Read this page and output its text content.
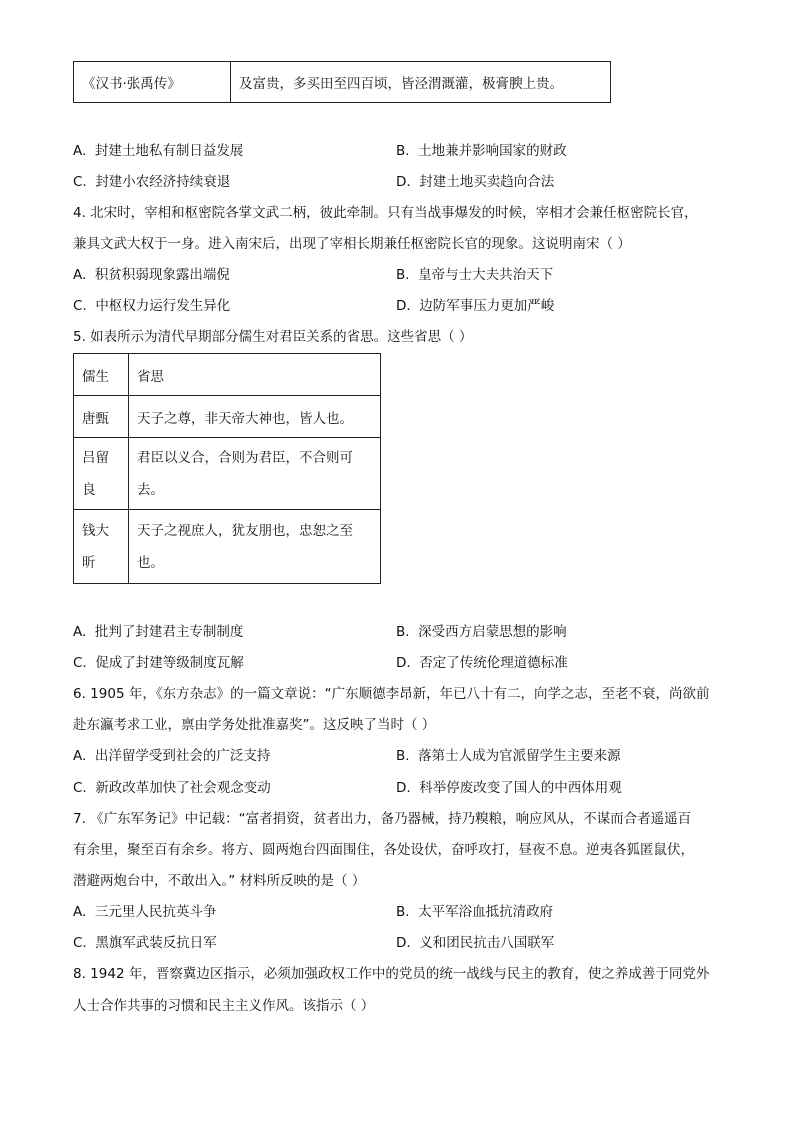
《汉书·张禹传》	及富贵，多买田至四百顷，皆泾渭溉灌，极膏腴上贵。
A. 封建土地私有制日益发展	B. 土地兼并影响国家的财政
C. 封建小农经济持续衰退	D. 封建土地买卖趋向合法
4. 北宋时，宰相和枢密院各掌文武二柄，彼此牵制。只有当战事爆发的时候，宰相才会兼任枢密院长官，
兼具文武大权于一身。进入南宋后，出现了宰相长期兼任枢密院长官的现象。这说明南宋（ ）
A. 积贫积弱现象露出端倪	B. 皇帝与士大夫共治天下
C. 中枢权力运行发生异化	D. 边防军事压力更加严峻
5. 如表所示为清代早期部分儒生对君臣关系的省思。这些省思（ ）
儒生	省思
唐甄	天子之尊，非天帝大神也，皆人也。

吕留良	君臣以义合，合则为君臣，不合则可去。

钱大昕	天子之视庶人，犹友朋也，忠恕之至也。
A. 批判了封建君主专制制度	B. 深受西方启蒙思想的影响
C. 促成了封建等级制度瓦解	D. 否定了传统伦理道德标准
6. 1905 年，《东方杂志》的一篇文章说：“广东顺德李昂新，年已八十有二，向学之志，至老不衰，尚欲前
赴东瀛考求工业，禀由学务处批准嘉奖”。这反映了当时（ ）
A. 出洋留学受到社会的广泛支持	B. 落第士人成为官派留学生主要来源
C. 新政改革加快了社会观念变动	D. 科举停废改变了国人的中西体用观
7. 《广东军务记》中记载：“富者捐资，贫者出力，备乃器械，持乃糗粮，响应风从，不谋而合者遥遥百
有余里，聚至百有余乡。将方、圆两炮台四面围住，各处设伏，奋呼攻打，昼夜不息。逆夷各狐匿鼠伏，
潜避两炮台中，不敢出入。” 材料所反映的是（ ）
A. 三元里人民抗英斗争	B. 太平军浴血抵抗清政府
C. 黑旗军武装反抗日军	D. 义和团民抗击八国联军
8. 1942 年，晋察冀边区指示，必须加强政权工作中的党员的统一战线与民主的教育，使之养成善于同党外
人士合作共事的习惯和民主主义作风。该指示（ ）
